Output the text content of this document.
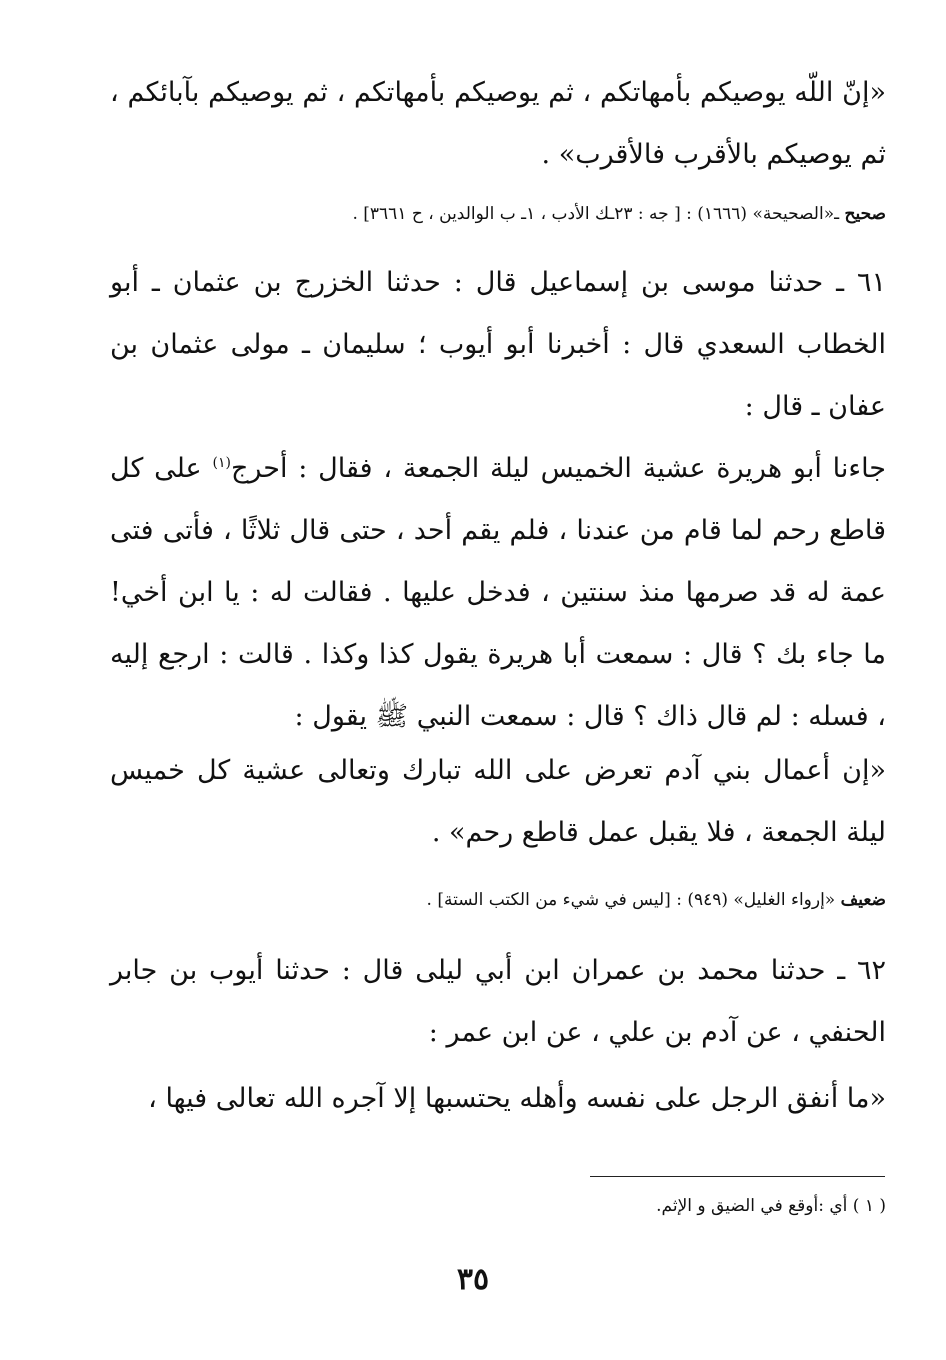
«إنّ اللّه يوصيكم بأمهاتكم ، ثم يوصيكم بأمهاتكم ، ثم يوصيكم بآبائكم ، ثم يوصيكم بالأقرب فالأقرب» .

صحيح ـ«الصحيحة» (١٦٦٦) : [ جه : ٢٣ـك الأدب ، ١ـ ب الوالدين ، ح ٣٦٦١] .

٦١ ـ حدثنا موسى بن إسماعيل قال : حدثنا الخزرج بن عثمان ـ أبو الخطاب السعدي قال : أخبرنا أبو أيوب ؛ سليمان ـ مولى عثمان بن عفان ـ قال :

جاءنا أبو هريرة عشية الخميس ليلة الجمعة ، فقال : أحرج$^{(١)}$ على كل قاطع رحم لما قام من عندنا ، فلم يقم أحد ، حتى قال ثلاثًا ، فأتى فتى عمة له قد صرمها منذ سنتين ، فدخل عليها . فقالت له : يا ابن أخي! ما جاء بك ؟ قال : سمعت أبا هريرة يقول كذا وكذا . قالت : ارجع إليه ، فسله : لم قال ذاك ؟ قال : سمعت النبي ﷺ يقول :

«إن أعمال بني آدم تعرض على الله تبارك وتعالى عشية كل خميس ليلة الجمعة ، فلا يقبل عمل قاطع رحم» .

ضعيف «إرواء الغليل» (٩٤٩) : [ليس في شيء من الكتب الستة] .

٦٢ ـ حدثنا محمد بن عمران ابن أبي ليلى قال : حدثنا أيوب بن جابر الحنفي ، عن آدم بن علي ، عن ابن عمر :

«ما أنفق الرجل على نفسه وأهله يحتسبها إلا آجره الله تعالى فيها ،

( ١ ) أي :أوقع في الضيق و الإثم.
٣٥
